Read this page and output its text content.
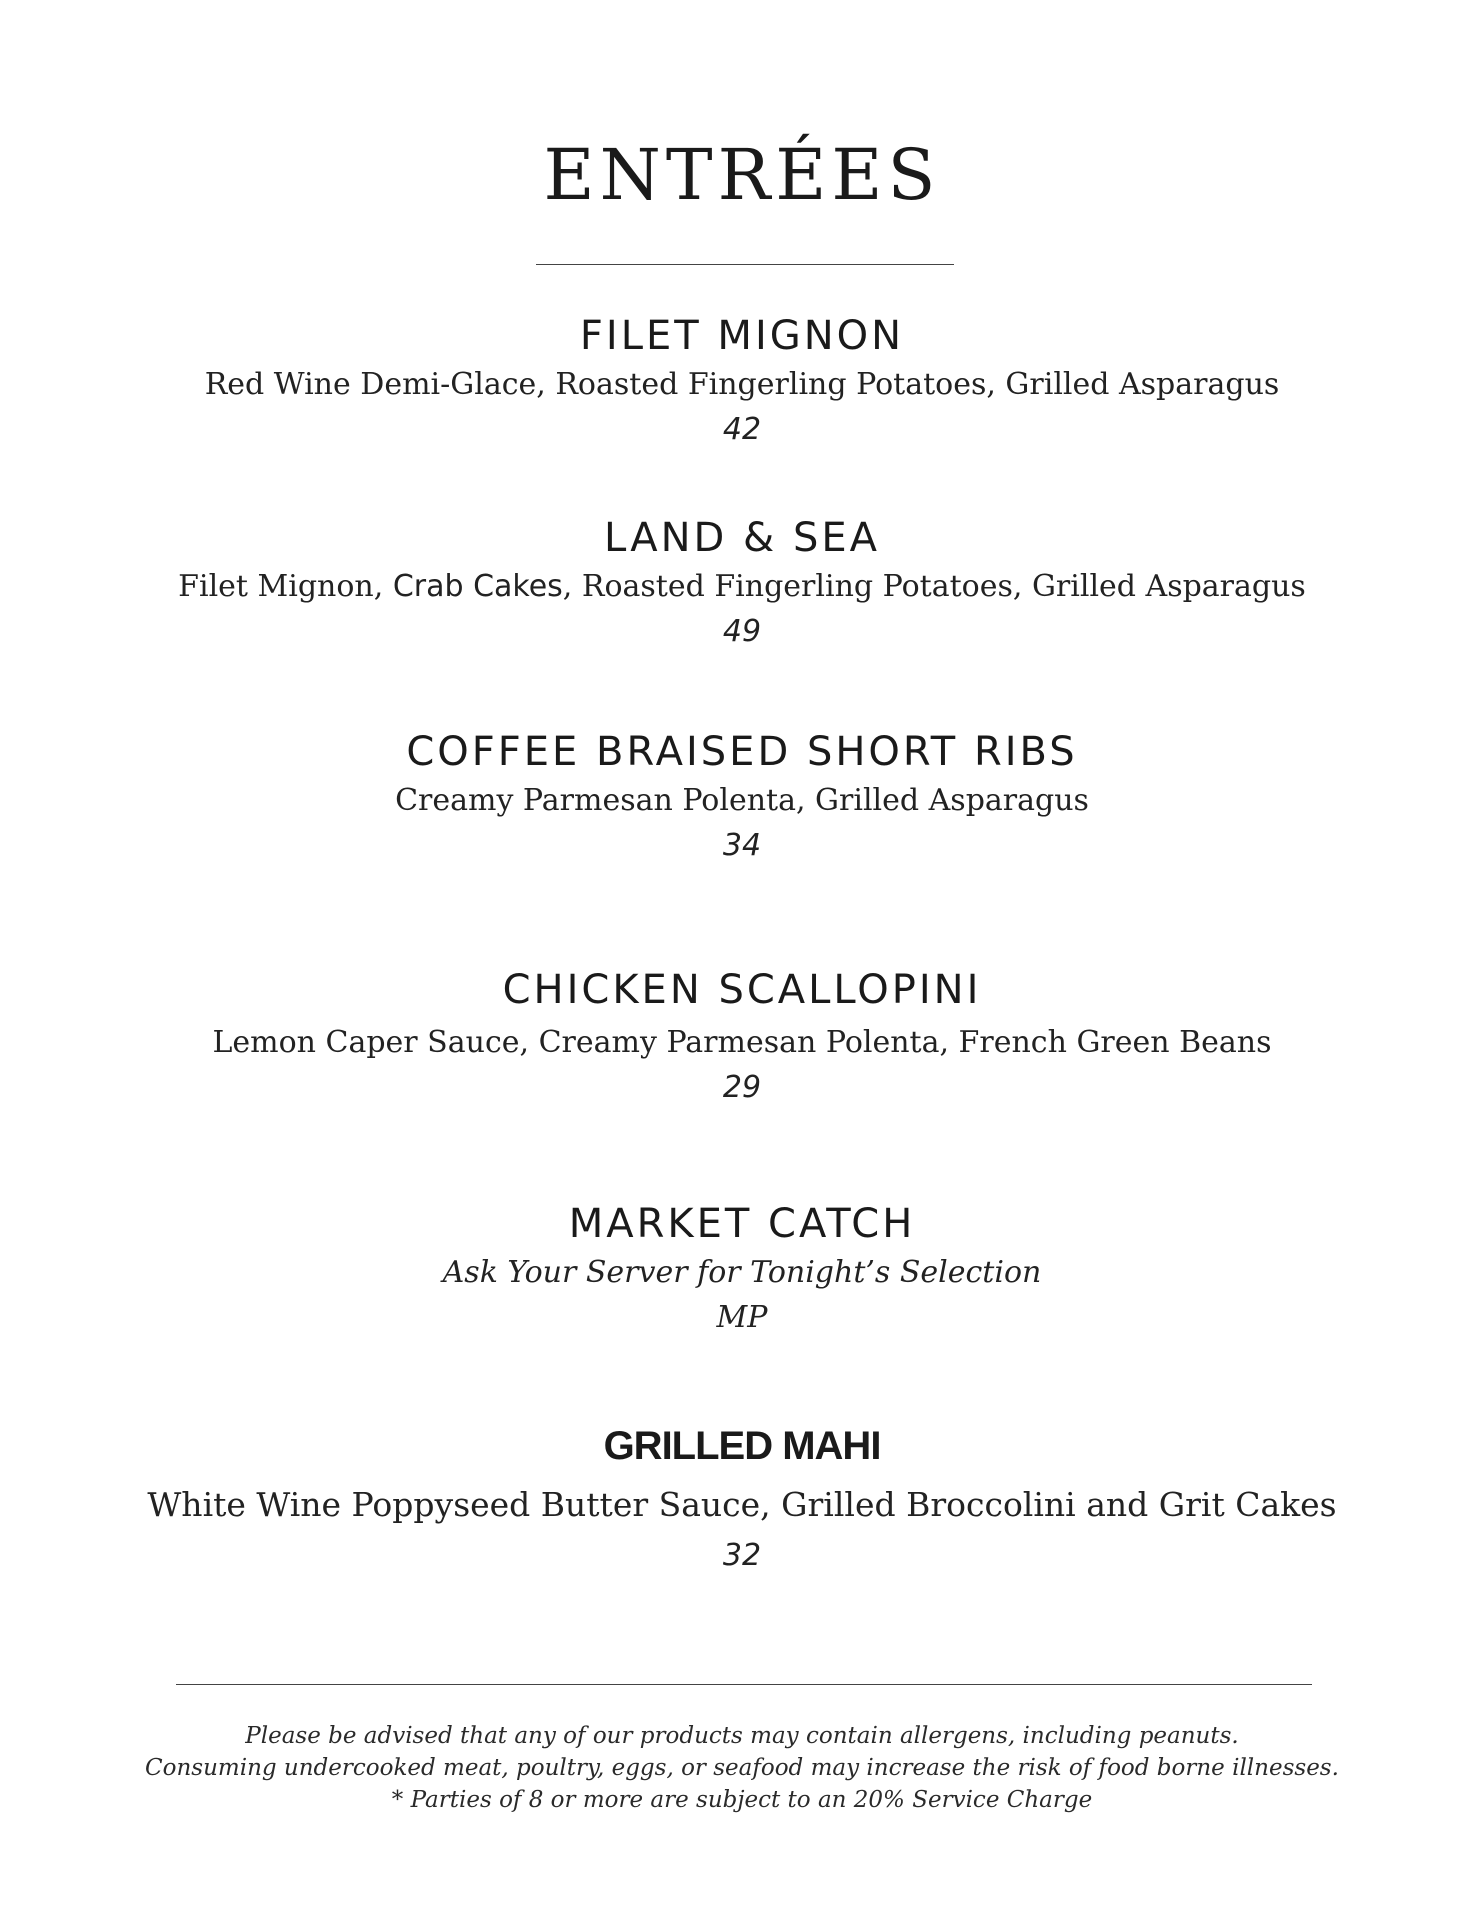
ENTRÉES
FILET MIGNON
Red Wine Demi-Glace, Roasted Fingerling Potatoes, Grilled Asparagus
42
LAND & SEA
Filet Mignon, Crab Cakes, Roasted Fingerling Potatoes, Grilled Asparagus
49
COFFEE BRAISED SHORT RIBS
Creamy Parmesan Polenta, Grilled Asparagus
34
CHICKEN SCALLOPINI
Lemon Caper Sauce, Creamy Parmesan Polenta, French Green Beans
29
MARKET CATCH
Ask Your Server for Tonight’s Selection
MP
GRILLED MAHI
White Wine Poppyseed Butter Sauce, Grilled Broccolini and Grit Cakes
32
Please be advised that any of our products may contain allergens, including peanuts.
Consuming undercooked meat, poultry, eggs, or seafood may increase the risk of food borne illnesses.
* Parties of 8 or more are subject to an 20% Service Charge
